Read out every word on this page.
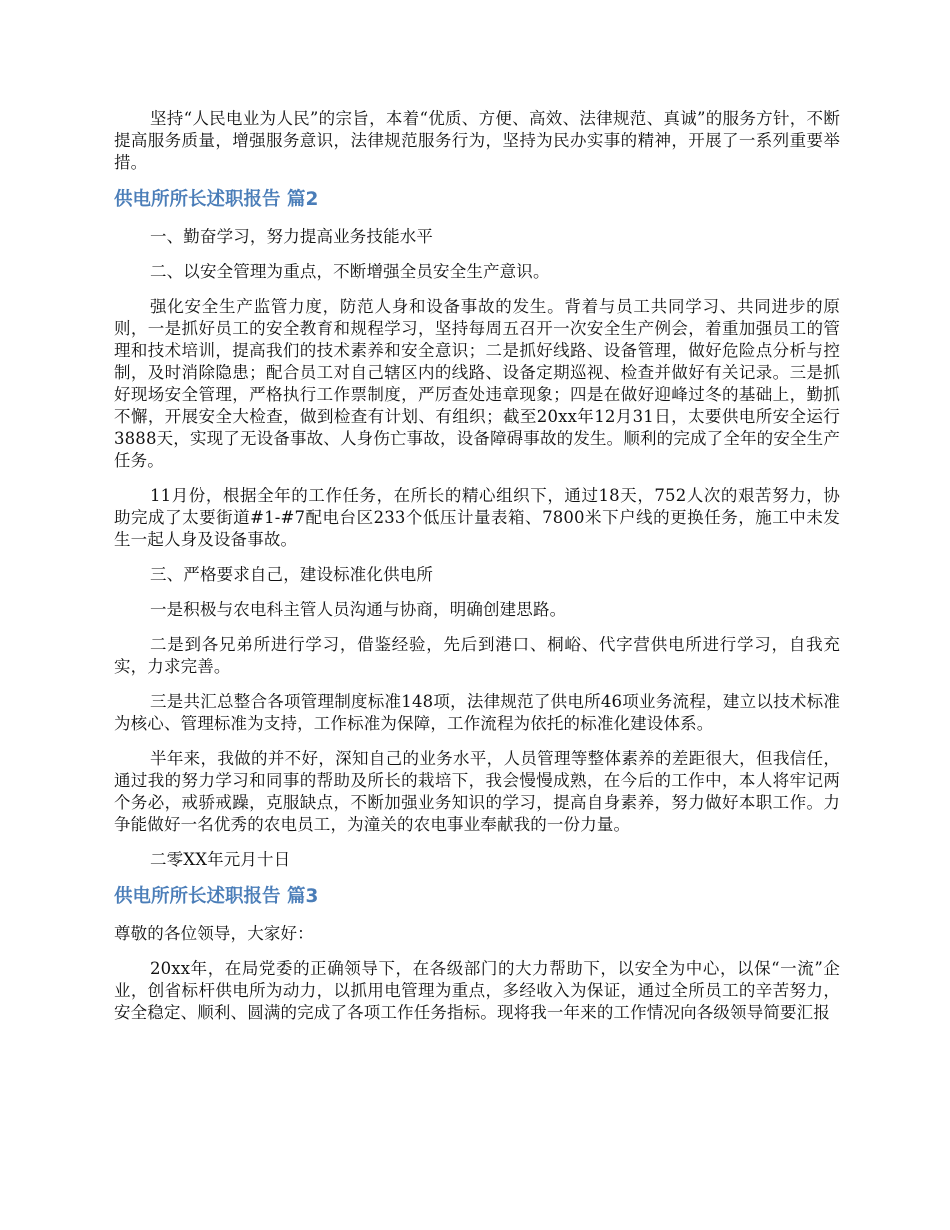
坚持“人民电业为人民”的宗旨，本着“优质、方便、高效、法律规范、真诚”的服务方针，不断提高服务质量，增强服务意识，法律规范服务行为，坚持为民办实事的精神，开展了一系列重要举措。

供电所所长述职报告 篇2

一、勤奋学习，努力提高业务技能水平

二、以安全管理为重点，不断增强全员安全生产意识。

强化安全生产监管力度，防范人身和设备事故的发生。背着与员工共同学习、共同进步的原则，一是抓好员工的安全教育和规程学习，坚持每周五召开一次安全生产例会，着重加强员工的管理和技术培训，提高我们的技术素养和安全意识；二是抓好线路、设备管理，做好危险点分析与控制，及时消除隐患；配合员工对自己辖区内的线路、设备定期巡视、检查并做好有关记录。三是抓好现场安全管理，严格执行工作票制度，严厉查处违章现象；四是在做好迎峰过冬的基础上，勤抓不懈，开展安全大检查，做到检查有计划、有组织；截至20xx年12月31日，太要供电所安全运行3888天，实现了无设备事故、人身伤亡事故，设备障碍事故的发生。顺利的完成了全年的安全生产任务。

11月份，根据全年的工作任务，在所长的精心组织下，通过18天，752人次的艰苦努力，协助完成了太要街道#1-#7配电台区233个低压计量表箱、7800米下户线的更换任务，施工中未发生一起人身及设备事故。

三、严格要求自己，建设标准化供电所

一是积极与农电科主管人员沟通与协商，明确创建思路。

二是到各兄弟所进行学习，借鉴经验，先后到港口、桐峪、代字营供电所进行学习，自我充实，力求完善。

三是共汇总整合各项管理制度标准148项，法律规范了供电所46项业务流程，建立以技术标准为核心、管理标准为支持，工作标准为保障，工作流程为依托的标准化建设体系。

半年来，我做的并不好，深知自己的业务水平，人员管理等整体素养的差距很大，但我信任，通过我的努力学习和同事的帮助及所长的栽培下，我会慢慢成熟，在今后的工作中，本人将牢记两个务必，戒骄戒躁，克服缺点，不断加强业务知识的学习，提高自身素养，努力做好本职工作。力争能做好一名优秀的农电员工，为潼关的农电事业奉献我的一份力量。

二零XX年元月十日

供电所所长述职报告 篇3

尊敬的各位领导，大家好：

20xx年，在局党委的正确领导下，在各级部门的大力帮助下，以安全为中心，以保“一流”企业，创省标杆供电所为动力，以抓用电管理为重点，多经收入为保证，通过全所员工的辛苦努力，安全稳定、顺利、圆满的完成了各项工作任务指标。现将我一年来的工作情况向各级领导简要汇报
